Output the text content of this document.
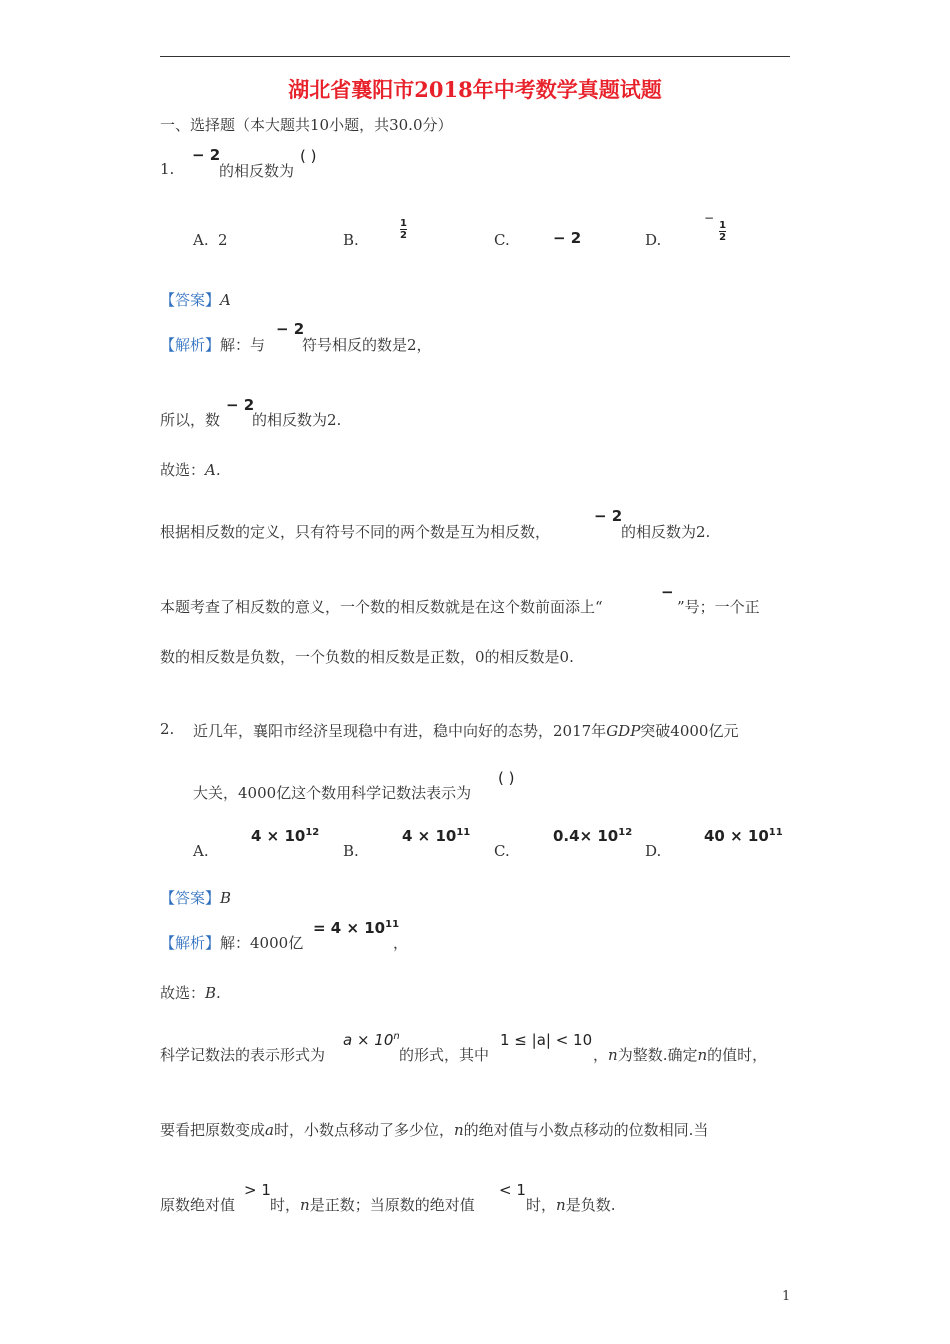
湖北省襄阳市2018年中考数学真题试题
一、选择题（本大题共10小题，共30.0分）
1.
− 2
的相反数为
( )
A. 2	B.	$\frac{1}{2}$	C.	− 2	D.
−
$\frac{1}{2}$
【答案】A
【解析】解：与
− 2
符号相反的数是2，
所以，数
− 2
的相反数为2.
故选：A.
根据相反数的定义，只有符号不同的两个数是互为相反数，
− 2
的相反数为2.
本题考查了相反数的意义，一个数的相反数就是在这个数前面添上“
−
”号；一个正
数的相反数是负数，一个负数的相反数是正数，0的相反数是0.
2. 近几年，襄阳市经济呈现稳中有进，稳中向好的态势，2017年GDP突破4000亿元
大关，4000亿这个数用科学记数法表示为
( )
A.
$4 \times 10^{12}$
B.
$4 \times 10^{11}$
C.
$0.4\times 10^{12}$
D.
$40 \times 10^{11}$
【答案】B
【解析】解：4000亿
= $4 \times 10^{11}$
，
故选：B.
科学记数法的表示形式为
$a \times 10^n$
的形式，其中
1 ≤ |a| < 10
，n为整数.确定n的值时，
要看把原数变成a时，小数点移动了多少位，n的绝对值与小数点移动的位数相同.当
原数绝对值
> 1
时，n是正数；当原数的绝对值
< 1
时，n是负数.
1
